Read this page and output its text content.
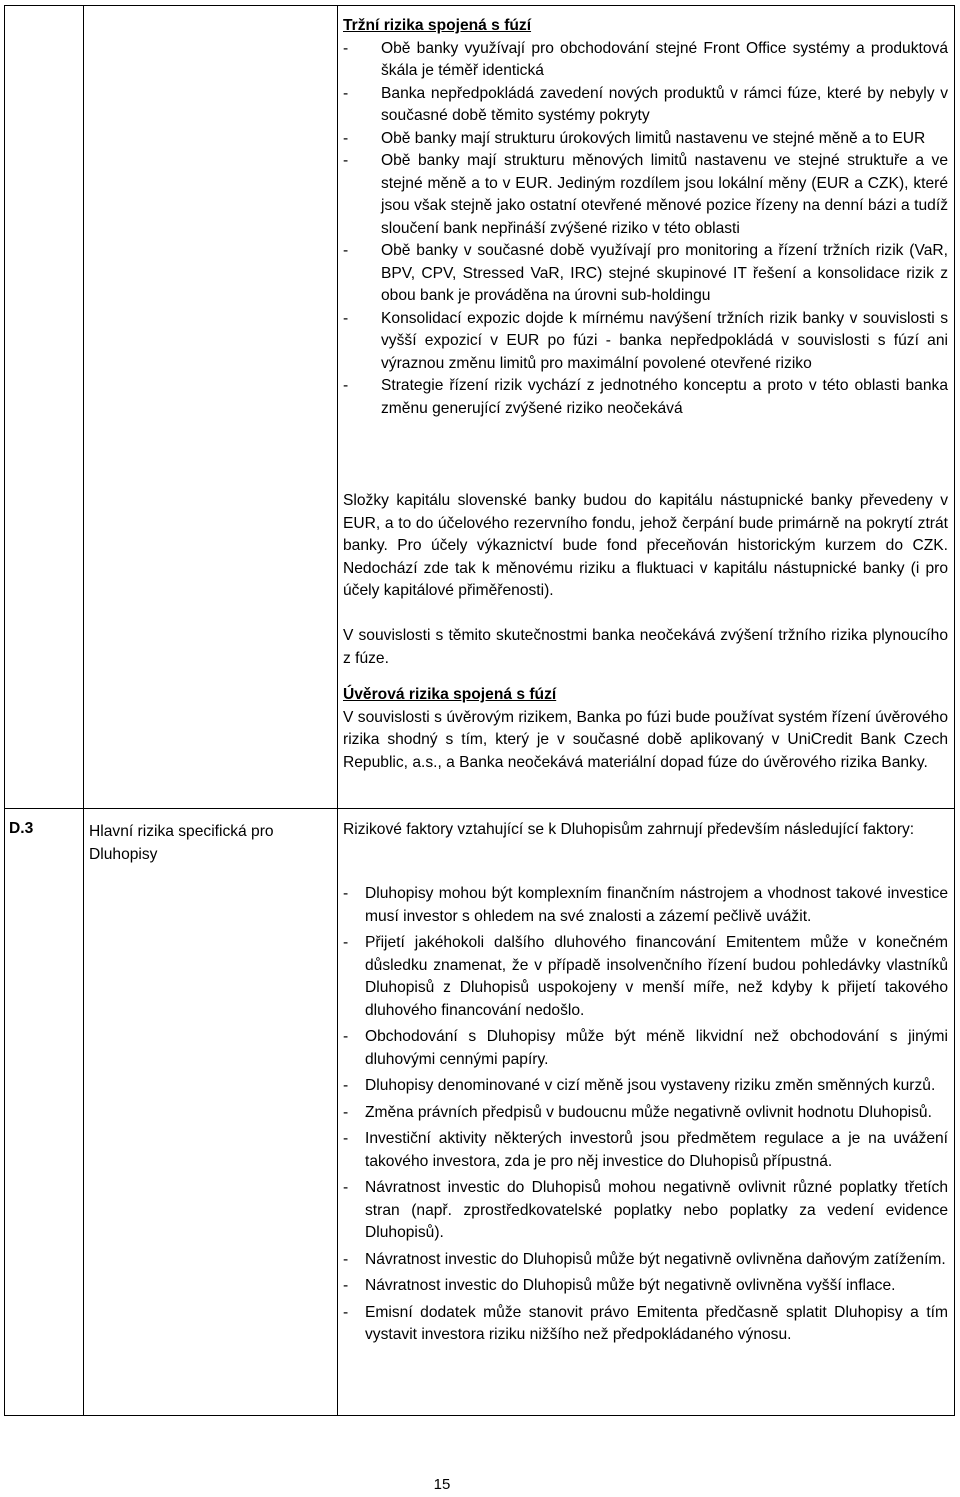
D.3	Hlavní rizika specifická pro Dluhopisy

Tržní rizika spojená s fúzí

- Obě banky využívají pro obchodování stejné Front Office systémy a produktová škála je téměř identická
- Banka nepředpokládá zavedení nových produktů v rámci fúze, které by nebyly v současné době těmito systémy pokryty
- Obě banky mají strukturu úrokových limitů nastavenu ve stejné měně a to EUR
- Obě banky mají strukturu měnových limitů nastavenu ve stejné struktuře a ve stejné měně a to v EUR. Jediným rozdílem jsou lokální měny (EUR a CZK), které jsou však stejně jako ostatní otevřené měnové pozice řízeny na denní bázi a tudíž sloučení bank nepřináší zvýšené riziko v této oblasti
- Obě banky v současné době využívají pro monitoring a řízení tržních rizik (VaR, BPV, CPV, Stressed VaR, IRC) stejné skupinové IT řešení a konsolidace rizik z obou bank je prováděna na úrovni sub-holdingu
- Konsolidací expozic dojde k mírnému navýšení tržních rizik banky v souvislosti s vyšší expozicí v EUR po fúzi - banka nepředpokládá v souvislosti s fúzí ani výraznou změnu limitů pro maximální povolené otevřené riziko
- Strategie řízení rizik vychází z jednotného konceptu a proto v této oblasti banka změnu generující zvýšené riziko neočekává

Složky kapitálu slovenské banky budou do kapitálu nástupnické banky převedeny v EUR, a to do účelového rezervního fondu, jehož čerpání bude primárně na pokrytí ztrát banky. Pro účely výkaznictví bude fond přeceňován historickým kurzem do CZK. Nedochází zde tak k měnovému riziku a fluktuaci v kapitálu nástupnické banky (i pro účely kapitálové přiměřenosti).

V souvislosti s těmito skutečnostmi banka neočekává zvýšení tržního rizika plynoucího z fúze.

Úvěrová rizika spojená s fúzí

V souvislosti s úvěrovým rizikem, Banka po fúzi bude používat systém řízení úvěrového rizika shodný s tím, který je v současné době aplikovaný v UniCredit Bank Czech Republic, a.s., a Banka neočekává materiální dopad fúze do úvěrového rizika Banky.

Rizikové faktory vztahující se k Dluhopisům zahrnují především následující faktory:

- Dluhopisy mohou být komplexním finančním nástrojem a vhodnost takové investice musí investor s ohledem na své znalosti a zázemí pečlivě uvážit.
- Přijetí jakéhokoli dalšího dluhového financování Emitentem může v konečném důsledku znamenat, že v případě insolvenčního řízení budou pohledávky vlastníků Dluhopisů z Dluhopisů uspokojeny v menší míře, než kdyby k přijetí takového dluhového financování nedošlo.
- Obchodování s Dluhopisy může být méně likvidní než obchodování s jinými dluhovými cennými papíry.
- Dluhopisy denominované v cizí měně jsou vystaveny riziku změn směnných kurzů.
- Změna právních předpisů v budoucnu může negativně ovlivnit hodnotu Dluhopisů.
- Investiční aktivity některých investorů jsou předmětem regulace a je na uvážení takového investora, zda je pro něj investice do Dluhopisů přípustná.
- Návratnost investic do Dluhopisů mohou negativně ovlivnit různé poplatky třetích stran (např. zprostředkovatelské poplatky nebo poplatky za vedení evidence Dluhopisů).
- Návratnost investic do Dluhopisů může být negativně ovlivněna daňovým zatížením.
- Návratnost investic do Dluhopisů může být negativně ovlivněna vyšší inflace.
- Emisní dodatek může stanovit právo Emitenta předčasně splatit Dluhopisy a tím vystavit investora riziku nižšího než předpokládaného výnosu.
15
